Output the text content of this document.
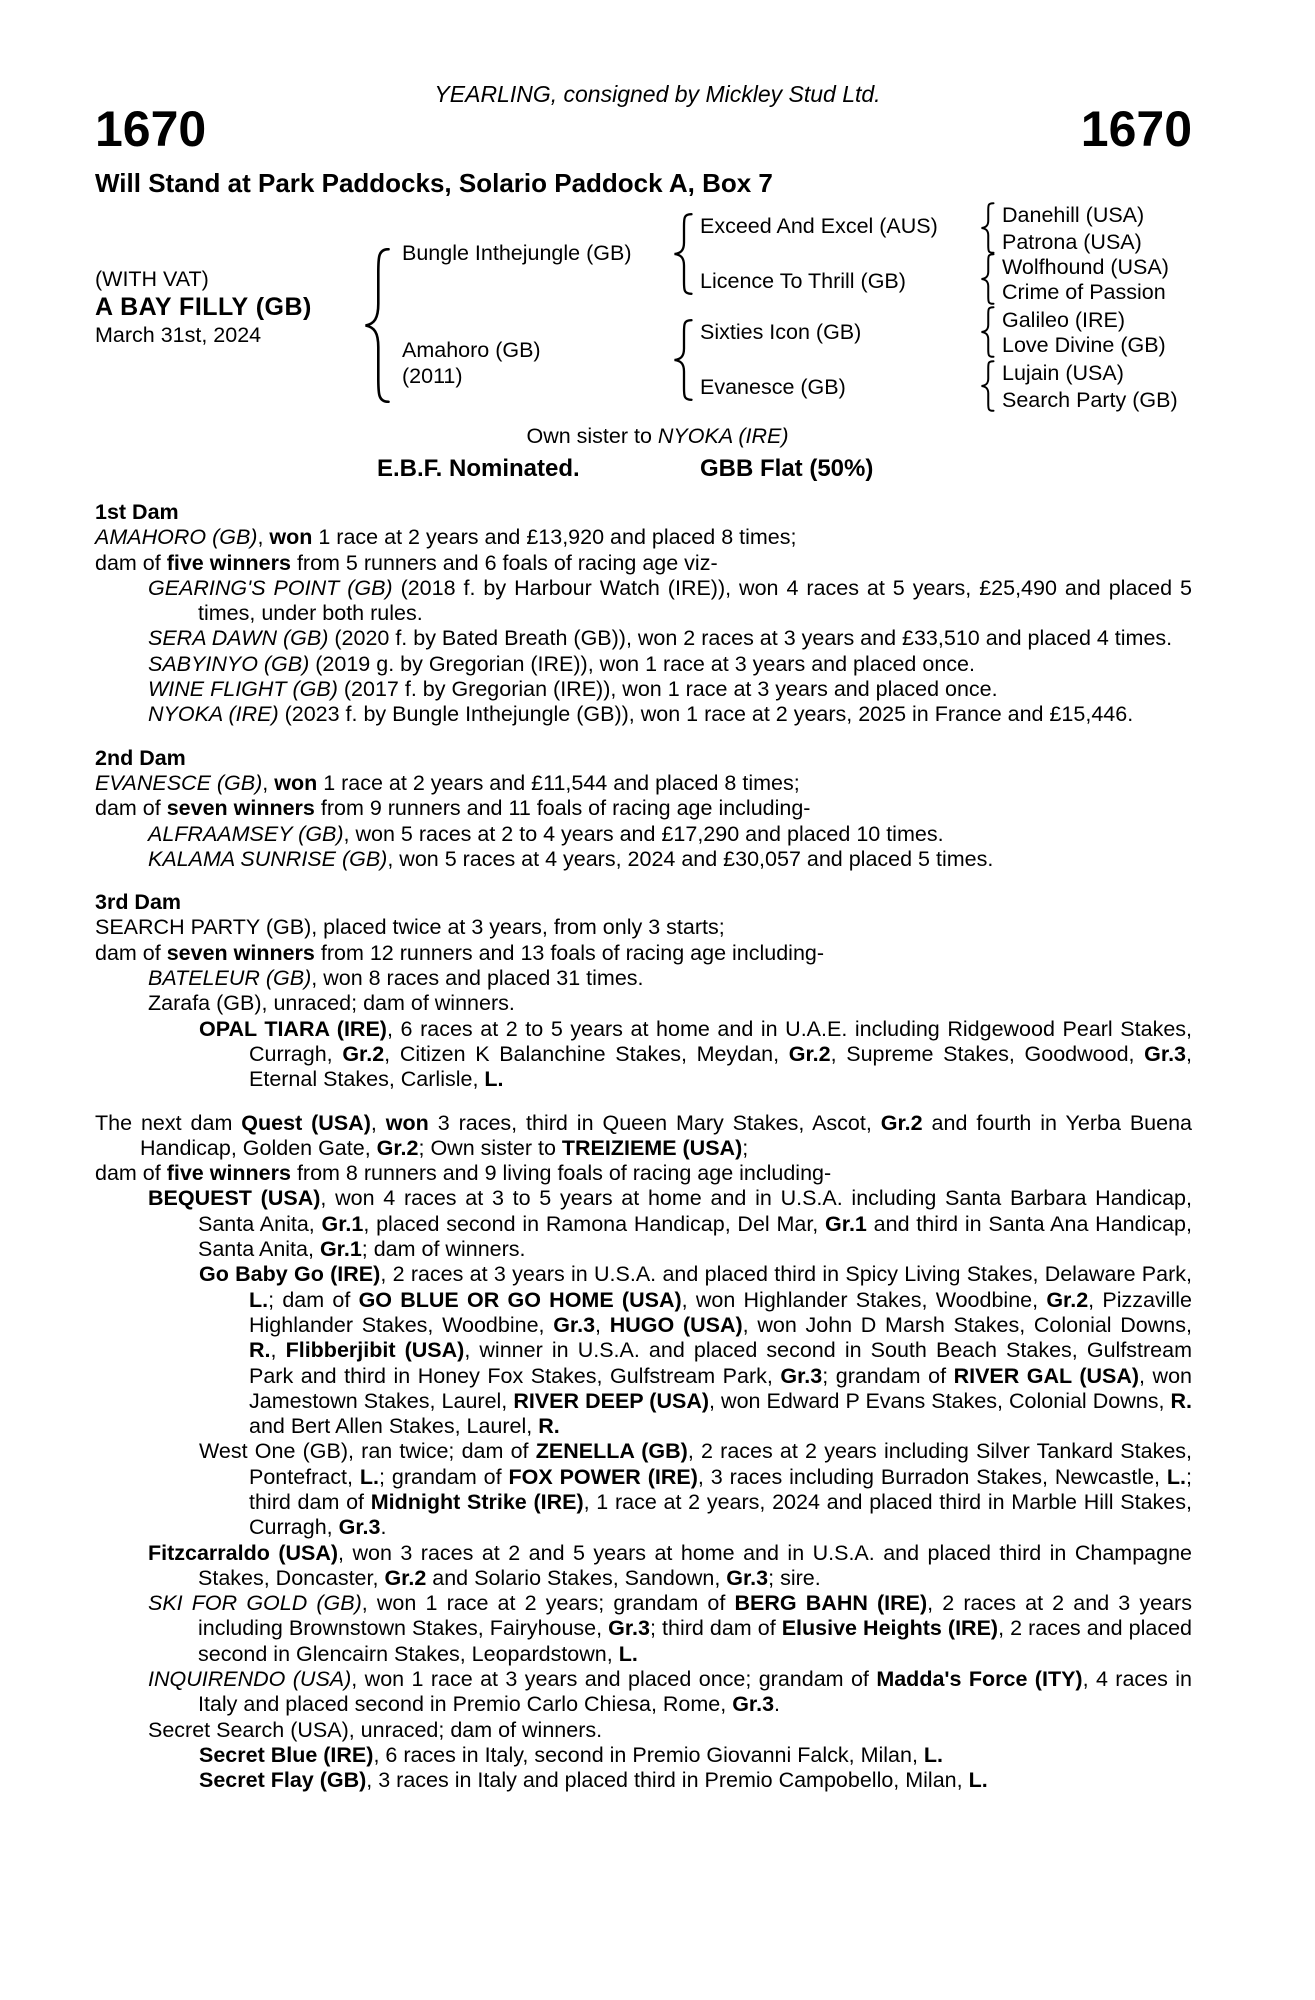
YEARLING, consigned by Mickley Stud Ltd.
1670	1670
Will Stand at Park Paddocks, Solario Paddock A, Box 7
(WITH VAT)
A BAY FILLY (GB)
March 31st, 2024
Bungle Inthejungle (GB)
Amahoro (GB)
(2011)
Exceed And Excel (AUS)
Licence To Thrill (GB)
Sixties Icon (GB)
Evanesce (GB)
Danehill (USA)
Patrona (USA)
Wolfhound (USA)
Crime of Passion
Galileo (IRE)
Love Divine (GB)
Lujain (USA)
Search Party (GB)
Own sister to NYOKA (IRE)
E.B.F. Nominated.	GBB Flat (50%)
1st Dam
AMAHORO (GB), won 1 race at 2 years and £13,920 and placed 8 times;
dam of five winners from 5 runners and 6 foals of racing age viz-
GEARING'S POINT (GB) (2018 f. by Harbour Watch (IRE)), won 4 races at 5 years, £25,490 and placed 5 times, under both rules.
SERA DAWN (GB) (2020 f. by Bated Breath (GB)), won 2 races at 3 years and £33,510 and placed 4 times.
SABYINYO (GB) (2019 g. by Gregorian (IRE)), won 1 race at 3 years and placed once.
WINE FLIGHT (GB) (2017 f. by Gregorian (IRE)), won 1 race at 3 years and placed once.
NYOKA (IRE) (2023 f. by Bungle Inthejungle (GB)), won 1 race at 2 years, 2025 in France and £15,446.
2nd Dam
EVANESCE (GB), won 1 race at 2 years and £11,544 and placed 8 times;
dam of seven winners from 9 runners and 11 foals of racing age including-
ALFRAAMSEY (GB), won 5 races at 2 to 4 years and £17,290 and placed 10 times.
KALAMA SUNRISE (GB), won 5 races at 4 years, 2024 and £30,057 and placed 5 times.
3rd Dam
SEARCH PARTY (GB), placed twice at 3 years, from only 3 starts;
dam of seven winners from 12 runners and 13 foals of racing age including-
BATELEUR (GB), won 8 races and placed 31 times.
Zarafa (GB), unraced; dam of winners.
OPAL TIARA (IRE), 6 races at 2 to 5 years at home and in U.A.E. including Ridgewood Pearl Stakes, Curragh, Gr.2, Citizen K Balanchine Stakes, Meydan, Gr.2, Supreme Stakes, Goodwood, Gr.3, Eternal Stakes, Carlisle, L.
The next dam Quest (USA), won 3 races, third in Queen Mary Stakes, Ascot, Gr.2 and fourth in Yerba Buena Handicap, Golden Gate, Gr.2; Own sister to TREIZIEME (USA);
dam of five winners from 8 runners and 9 living foals of racing age including-
BEQUEST (USA), won 4 races at 3 to 5 years at home and in U.S.A. including Santa Barbara Handicap, Santa Anita, Gr.1, placed second in Ramona Handicap, Del Mar, Gr.1 and third in Santa Ana Handicap, Santa Anita, Gr.1; dam of winners.
Go Baby Go (IRE), 2 races at 3 years in U.S.A. and placed third in Spicy Living Stakes, Delaware Park, L.; dam of GO BLUE OR GO HOME (USA), won Highlander Stakes, Woodbine, Gr.2, Pizzaville Highlander Stakes, Woodbine, Gr.3, HUGO (USA), won John D Marsh Stakes, Colonial Downs, R., Flibberjibit (USA), winner in U.S.A. and placed second in South Beach Stakes, Gulfstream Park and third in Honey Fox Stakes, Gulfstream Park, Gr.3; grandam of RIVER GAL (USA), won Jamestown Stakes, Laurel, RIVER DEEP (USA), won Edward P Evans Stakes, Colonial Downs, R. and Bert Allen Stakes, Laurel, R.
West One (GB), ran twice; dam of ZENELLA (GB), 2 races at 2 years including Silver Tankard Stakes, Pontefract, L.; grandam of FOX POWER (IRE), 3 races including Burradon Stakes, Newcastle, L.; third dam of Midnight Strike (IRE), 1 race at 2 years, 2024 and placed third in Marble Hill Stakes, Curragh, Gr.3.
Fitzcarraldo (USA), won 3 races at 2 and 5 years at home and in U.S.A. and placed third in Champagne Stakes, Doncaster, Gr.2 and Solario Stakes, Sandown, Gr.3; sire.
SKI FOR GOLD (GB), won 1 race at 2 years; grandam of BERG BAHN (IRE), 2 races at 2 and 3 years including Brownstown Stakes, Fairyhouse, Gr.3; third dam of Elusive Heights (IRE), 2 races and placed second in Glencairn Stakes, Leopardstown, L.
INQUIRENDO (USA), won 1 race at 3 years and placed once; grandam of Madda's Force (ITY), 4 races in Italy and placed second in Premio Carlo Chiesa, Rome, Gr.3.
Secret Search (USA), unraced; dam of winners.
Secret Blue (IRE), 6 races in Italy, second in Premio Giovanni Falck, Milan, L.
Secret Flay (GB), 3 races in Italy and placed third in Premio Campobello, Milan, L.
